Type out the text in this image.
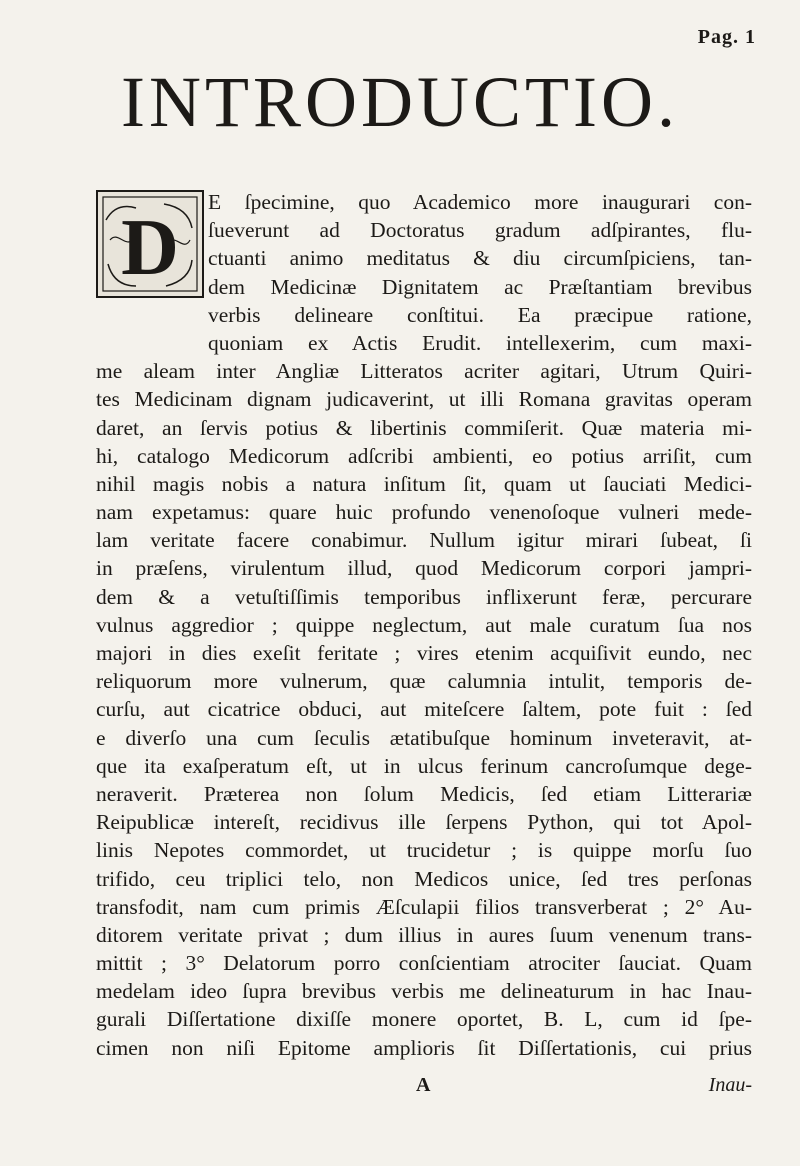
Pag. 1
INTRODUCTIO.
D
E ſpecimine, quo Academico more inaugurari con-
ſueverunt ad Doctoratus gradum adſpirantes, flu-
ctuanti animo meditatus & diu circumſpiciens, tan-
dem Medicinæ Dignitatem ac Præſtantiam brevibus
verbis delineare conſtitui. Ea præcipue ratione,
quoniam ex Actis Erudit. intellexerim, cum maxi-
me aleam inter Angliæ Litteratos acriter agitari, Utrum Quiri-
tes Medicinam dignam judicaverint, ut illi Romana gravitas operam
daret, an ſervis potius & libertinis commiſerit. Quæ materia mi-
hi, catalogo Medicorum adſcribi ambienti, eo potius arriſit, cum
nihil magis nobis a natura inſitum ſit, quam ut ſauciati Medici-
nam expetamus: quare huic profundo venenoſoque vulneri mede-
lam veritate facere conabimur. Nullum igitur mirari ſubeat, ſi
in præſens, virulentum illud, quod Medicorum corpori jampri-
dem & a vetuſtiſſimis temporibus inflixerunt feræ, percurare
vulnus aggredior ; quippe neglectum, aut male curatum ſua nos
majori in dies exeſit feritate ; vires etenim acquiſivit eundo, nec
reliquorum more vulnerum, quæ calumnia intulit, temporis de-
curſu, aut cicatrice obduci, aut miteſcere ſaltem, pote fuit : ſed
e diverſo una cum ſeculis ætatibuſque hominum inveteravit, at-
que ita exaſperatum eſt, ut in ulcus ferinum cancroſumque dege-
neraverit. Præterea non ſolum Medicis, ſed etiam Litterariæ
Reipublicæ intereſt, recidivus ille ſerpens Python, qui tot Apol-
linis Nepotes commordet, ut trucidetur ; is quippe morſu ſuo
trifido, ceu triplici telo, non Medicos unice, ſed tres perſonas
transfodit, nam cum primis Æſculapii filios transverberat ; 2° Au-
ditorem veritate privat ; dum illius in aures ſuum venenum trans-
mittit ; 3° Delatorum porro conſcientiam atrociter ſauciat. Quam
medelam ideo ſupra brevibus verbis me delineaturum in hac Inau-
gurali Diſſertatione dixiſſe monere oportet, B. L, cum id ſpe-
cimen non niſi Epitome amplioris ſit Diſſertationis, cui prius
A	Inau-
